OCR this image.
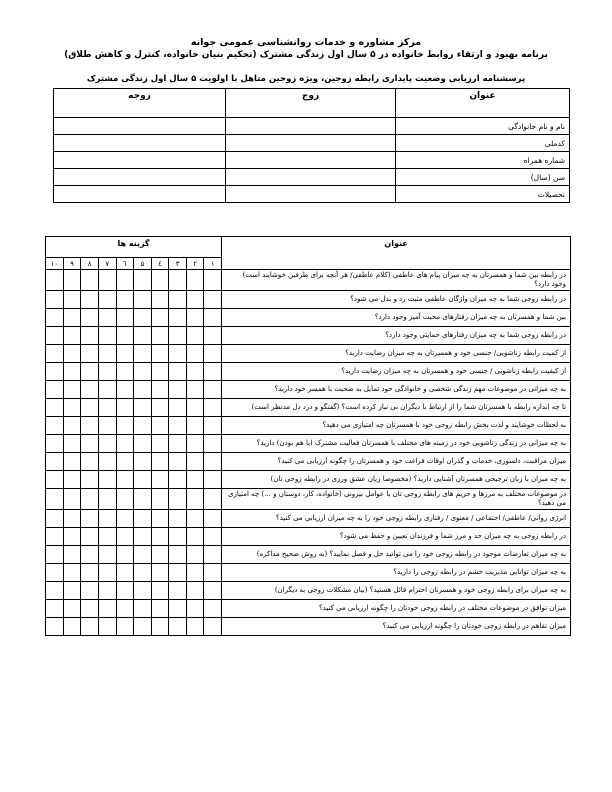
مرکز مشاوره و خدمات روانشناسی عمومی جوانه
برنامه بهبود و ارتقاء روابط خانواده در ۵ سال اول زندگی مشترک (تحکیم بنیان خانواده، کنترل و کاهش طلاق)
پرسشنامه ارزیابی وضعیت پایداری رابطه زوجین، ویژه زوجین متاهل با اولویت ۵ سال اول زندگی مشترک
عنوان	زوج	زوجه
نام و نام خانوادگی		
کدملی		
شماره همراه		
سن (سال)		
تحصیلات		
عنوان	گزینه ها									
	۱	۲	۳	٤	۵	٦	۷	۸	۹	۱۰
در رابطه بین شما و همسرتان به چه میزان پیام های عاطفی (کلام عاطفی/ هر آنچه برای طرفین خوشایند است) وجود دارد؟										
در رابطه زوجی شما به چه میزان واژگان عاطفی مثبت رد و بدل می شود؟										
بین شما و همسرتان به چه میزان رفتارهای محبت آمیز وجود دارد؟										
در رابطه زوجی شما به چه میزان رفتارهای حمایتی وجود دارد؟										
از کمیت رابطه زناشویی/ جنسی خود و همسرتان به چه میزان رضایت دارید؟										
از کیفیت رابطه زناشویی / جنسی خود و همسرتان به چه میزان رضایت دارید؟										
به چه میزانی در موضوعات مهم زندگی شخصی و خانوادگی خود تمایل به صحبت با همسر خود دارید؟										
تا چه اندازه رابطه با همسرتان شما را از ارتباط با دیگران بی نیاز کرده است؟ (گفتگو و درد دل مدنظر است)										
به لحظات خوشایند و لذت بخش رابطه زوجی خود با همسرتان چه امتیازی می دهید؟										
به چه میزانی در زندگی زناشویی خود در زمینه های مختلف با همسرتان فعالیت مشترک (با هم بودن) دارید؟										
میزان مراقبت، دلسوزی، خدمات و گذران اوقات فراغت خود و همسرتان را چگونه ارزیابی می کنید؟										
به چه میزان با زبان ترجیحی همسرتان آشنایی دارید؟ (مخصوصا زبان عشق ورزی در رابطه زوجی تان)										
در موضوعات مختلف به مرزها و حریم های رابطه زوجی تان با عوامل بیرونی (خانواده، کار، دوستان و ...) چه امتیازی می دهید؟										
انرژی روانی/ عاطفی/ اجتماعی / معنوی / رفتاری رابطه زوجی خود را به چه میزان ارزیابی می کنید؟										
در رابطه زوجی به چه میزان حد و مرز شما و فرزندان تعیین و حفظ می شود؟										
به چه میزان تعارضات موجود در رابطه زوجی خود را می توانید حل و فصل نمایید؟ (به روش صحیح مذاکره)										
به چه میزان توانایی مدیریت خشم در رابطه زوجی را دارید؟										
به چه میزان برای رابطه زوجی خود و همسرتان احترام قائل هستید؟ (بیان مشکلات زوجی به دیگران)										
میزان توافق در موضوعات مختلف در رابطه زوجی خودتان را چگونه ارزیابی می کنید؟										
میزان تفاهم در رابطه زوجی خودتان را چگونه ارزیابی می کنید؟										
